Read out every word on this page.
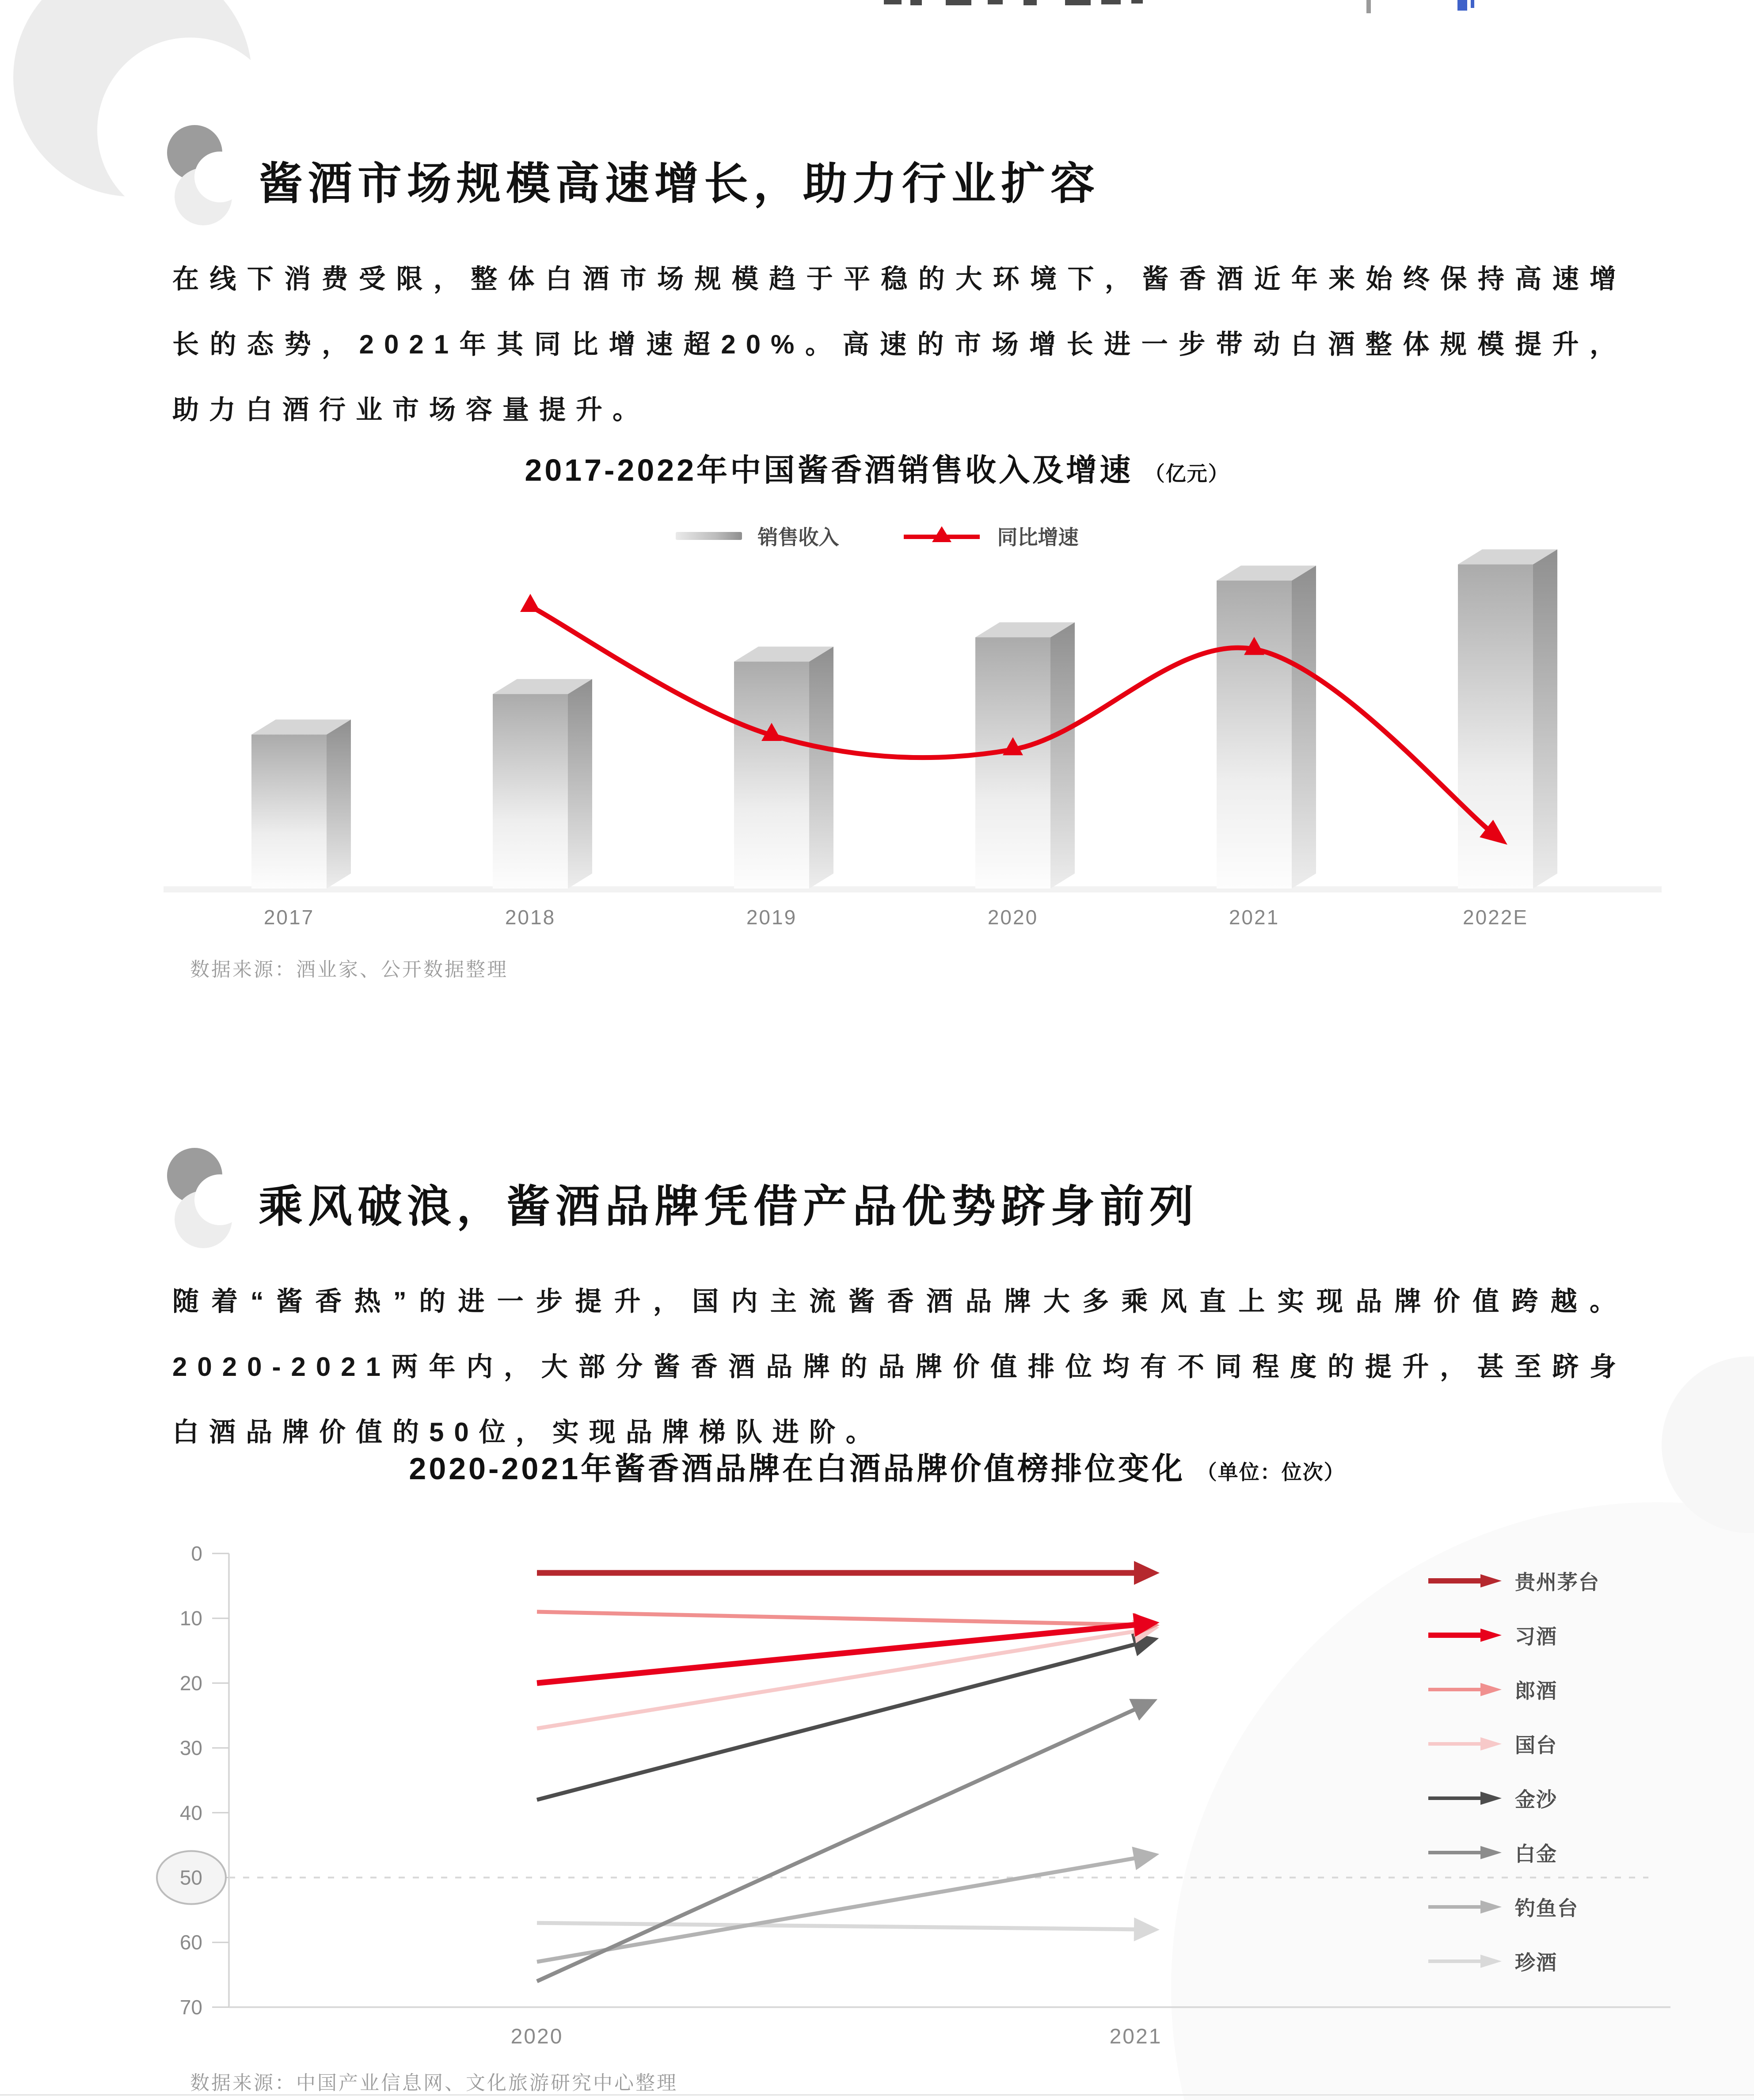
酱酒市场规模高速增长，助力行业扩容

在线下消费受限，整体白酒市场规模趋于平稳的大环境下，酱香酒近年来始终保持高速增长的态势，2021年其同比增速超20%。高速的市场增长进一步带动白酒整体规模提升，助力白酒行业市场容量提升。

2017-2022年中国酱香酒销售收入及增速 （亿元）
销售收入	同比增速
2017	2018	2019	2020	2021	2022E
数据来源：酒业家、公开数据整理
乘风破浪，酱酒品牌凭借产品优势跻身前列

随着“酱香热”的进一步提升，国内主流酱香酒品牌大多乘风直上实现品牌价值跨越。2020-2021两年内，大部分酱香酒品牌的品牌价值排位均有不同程度的提升，甚至跻身白酒品牌价值的50位，实现品牌梯队进阶。

2020-2021年酱香酒品牌在白酒品牌价值榜排位变化 （单位：位次）
0
10
20
30
40
50
60
70
2020	2021
贵州茅台
习酒
郎酒
国台
金沙
白金
钓鱼台
珍酒
数据来源：中国产业信息网、文化旅游研究中心整理
